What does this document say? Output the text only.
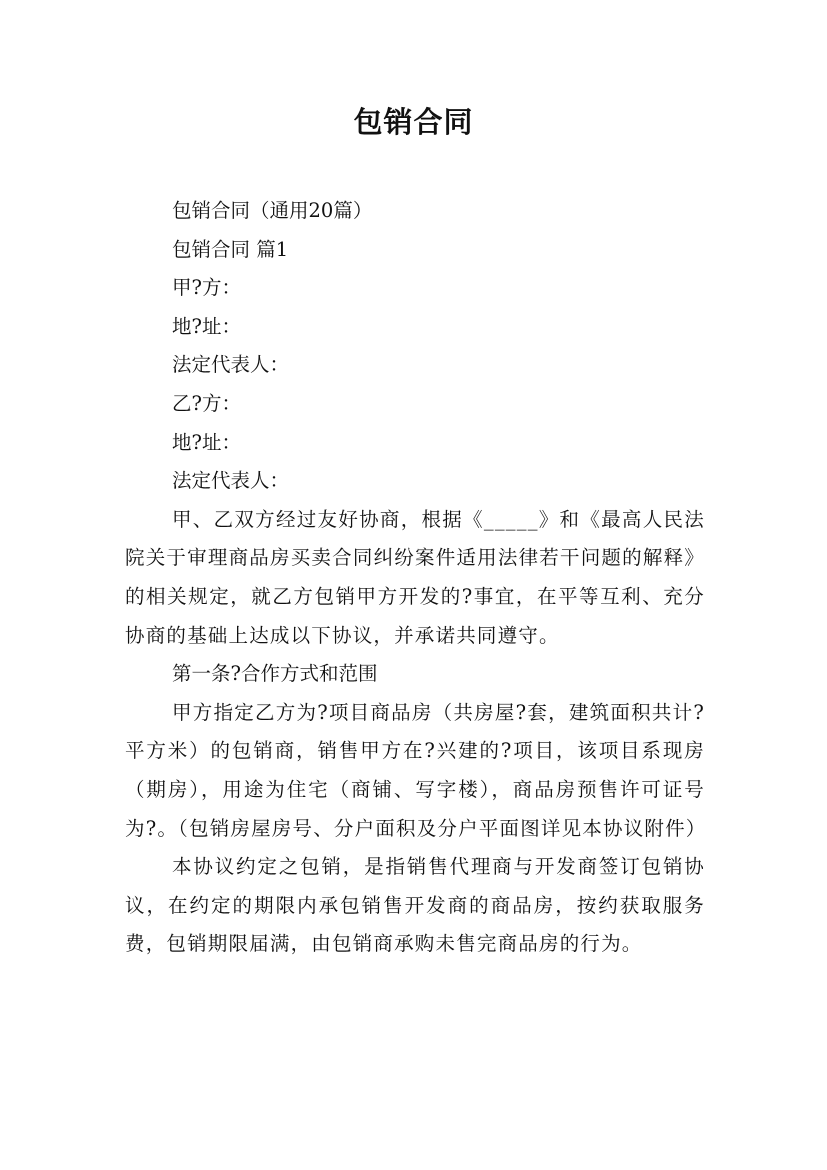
包销合同

包销合同（通用20篇）

包销合同 篇1

甲?方：

地?址：

法定代表人：

乙?方：

地?址：

法定代表人：

甲、乙双方经过友好协商，根据《_____》和《最高人民法院关于审理商品房买卖合同纠纷案件适用法律若干问题的解释》的相关规定，就乙方包销甲方开发的?事宜，在平等互利、充分协商的基础上达成以下协议，并承诺共同遵守。

第一条?合作方式和范围

甲方指定乙方为?项目商品房（共房屋?套，建筑面积共计?平方米）的包销商，销售甲方在?兴建的?项目，该项目系现房（期房），用途为住宅（商铺、写字楼），商品房预售许可证号为?。（包销房屋房号、分户面积及分户平面图详见本协议附件）

本协议约定之包销，是指销售代理商与开发商签订包销协议，在约定的期限内承包销售开发商的商品房，按约获取服务费，包销期限届满，由包销商承购未售完商品房的行为。
